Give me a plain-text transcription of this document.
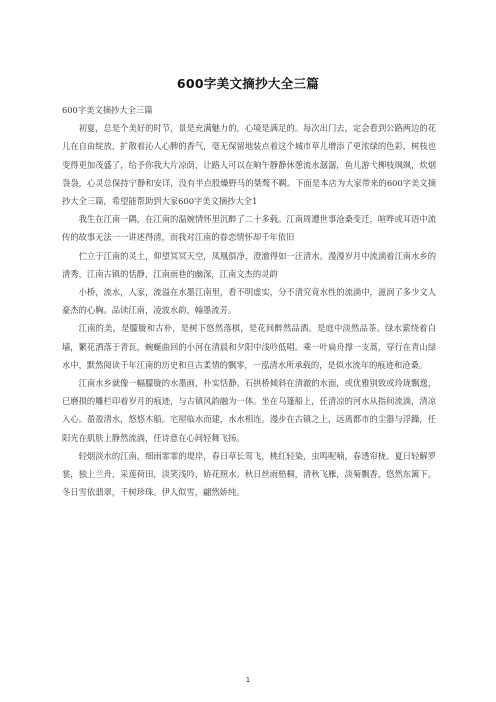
600字美文摘抄大全三篇

600字美文摘抄大全三篇

初夏，总是个美好的时节，景是充满魅力的，心境是满足的。每次出门去，定会看到公路两边的花儿在自由绽放，扩散着沁人心脾的香气，毫无保留地装点着这个城市草儿增添了更浓绿的色彩，树枝也变得更加茂盛了，给予你我大片凉荫，让路人可以在晌午静静休憩流水潺潺，鱼儿游弋柳枝飒飒，炊烟袅袅，心灵总保持宁静和安详，没有半点股燥野马的桀骜不羁。下面是本店为大家带来的600字美文摘抄大全三篇，希望能帮助到大家600字美文摘抄大全1

我生在江南一隅，在江南的温婉情怀里沉醉了二十多载。江南周遭世事沧桑变迁，喧哗或耳语中流传的故事无法一一讲述得清，而我对江南的眷恋情怀却千年依旧

伫立于江南的灵土，仰望冥冥天空，凤凰俱净，澄澈得如一汪清水。漫漫岁月中流淌着江南水乡的清秀，江南古镇的恬静，江南雨巷的幽深，江南文杰的灵韵

小桥，流水，人家，流溢在水墨江南里，看不明虚实，分不清究竟水性的流淌中，滋润了多少文人豪杰的心胸。品读江南，凌波水韵，翰墨流芳。

江南的美，是朦胧和古朴，是树下悠然落棋，是花间醉然品酒。是庭中淡然品茶。绿水萦绕着白墙，繁花洒落于青瓦，蜿蜒曲回的小河在清晨和夕阳中浅吟低唱。乘一叶扁舟撑一支蒿，穿行在青山绿水中，默然阅读千年江南的历史和亘古柔情的飘零，一泓清水所承载的，是似水流年的痕迹和沧桑。

江南水乡就像一幅朦胧的水墨画，朴实恬静。石拱桥倾斜在清澈的水面，或优雅别致或玲珑飘逸，已磨损的雕栏印着岁月的痕迹，与古镇风韵融为一体。坐在乌篷船上，任清凉的河水从指间流淌，清凉入心。盈盈清水，悠悠木船。宅屋临水而建，水水相连。漫步在古镇之上，远离都市的尘嚣与浮躁，任阳光在肌肤上静然流淌，任诗意在心间轻舞飞扬。

轻烟淡水的江南，细雨霏霏的堤岸，春日草长莺飞，桃红轻染，虫鸣呢喃，春透帘栊。夏日轻解罗裳，独上兰舟，采莲荷田，淡笑浅吟，娇花照水。秋日丝雨梧桐，清秋飞雁，淡菊飘香，悠然东篱下。冬日雪依翡翠，千树珍珠。伊人似雪，翩然娇纯。

1
